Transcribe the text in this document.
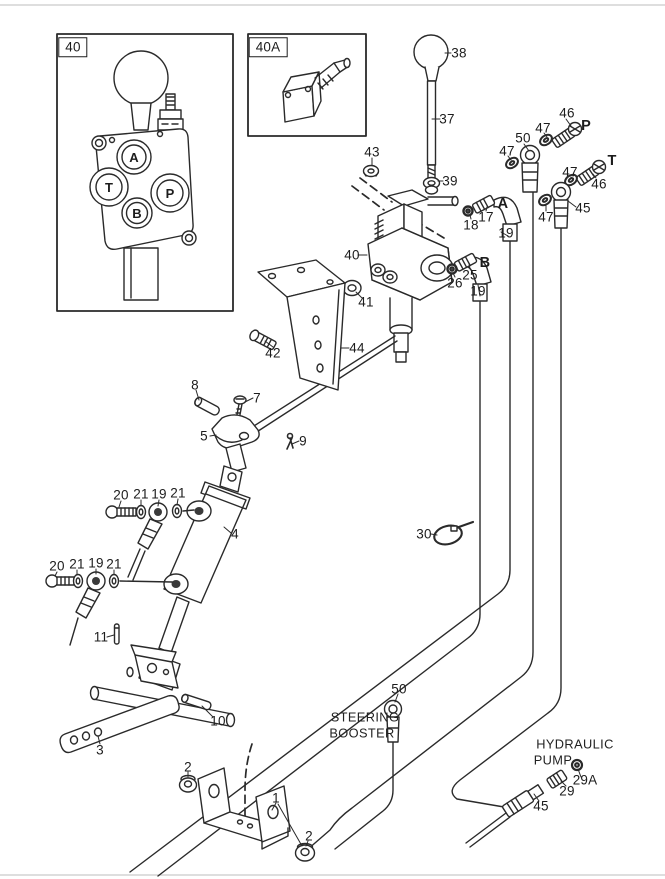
A
T	P
B
40	40A	38
37
39
43
46
47 P
50
47
T
47
46
45
47
A
17
18
19
40	B
25
26
19
41
44
42
8
7
5	9
20 21 19 21
4	30
20 21 19 21
11
10
3
2
50
STEERING
BOOSTER
HYDRAULIC
PUMP
29A
29
45
1
2
